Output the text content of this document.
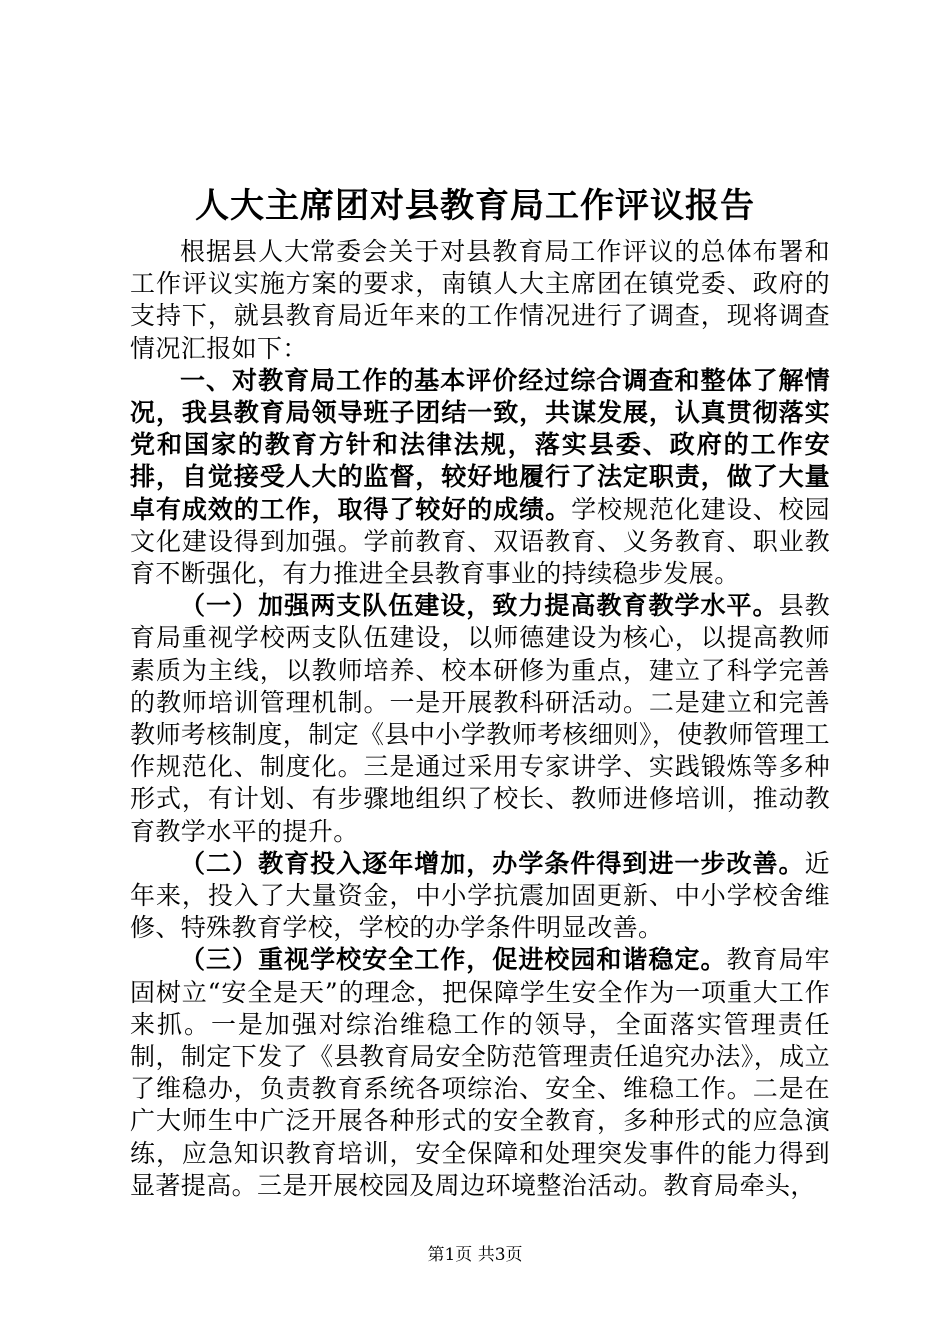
人大主席团对县教育局工作评议报告

根据县人大常委会关于对县教育局工作评议的总体布署和工作评议实施方案的要求，南镇人大主席团在镇党委、政府的支持下，就县教育局近年来的工作情况进行了调查，现将调查情况汇报如下：

一、对教育局工作的基本评价经过综合调查和整体了解情况，我县教育局领导班子团结一致，共谋发展，认真贯彻落实党和国家的教育方针和法律法规，落实县委、政府的工作安排，自觉接受人大的监督，较好地履行了法定职责，做了大量卓有成效的工作，取得了较好的成绩。学校规范化建设、校园文化建设得到加强。学前教育、双语教育、义务教育、职业教育不断强化，有力推进全县教育事业的持续稳步发展。

（一）加强两支队伍建设，致力提高教育教学水平。县教育局重视学校两支队伍建设，以师德建设为核心，以提高教师素质为主线，以教师培养、校本研修为重点，建立了科学完善的教师培训管理机制。一是开展教科研活动。二是建立和完善教师考核制度，制定《县中小学教师考核细则》，使教师管理工作规范化、制度化。三是通过采用专家讲学、实践锻炼等多种形式，有计划、有步骤地组织了校长、教师进修培训，推动教育教学水平的提升。

（二）教育投入逐年增加，办学条件得到进一步改善。近年来，投入了大量资金，中小学抗震加固更新、中小学校舍维修、特殊教育学校，学校的办学条件明显改善。

（三）重视学校安全工作，促进校园和谐稳定。教育局牢固树立“安全是天”的理念，把保障学生安全作为一项重大工作来抓。一是加强对综治维稳工作的领导，全面落实管理责任制，制定下发了《县教育局安全防范管理责任追究办法》，成立了维稳办，负责教育系统各项综治、安全、维稳工作。二是在广大师生中广泛开展各种形式的安全教育，多种形式的应急演练，应急知识教育培训，安全保障和处理突发事件的能力得到显著提高。三是开展校园及周边环境整治活动。教育局牵头，

第1页 共3页
